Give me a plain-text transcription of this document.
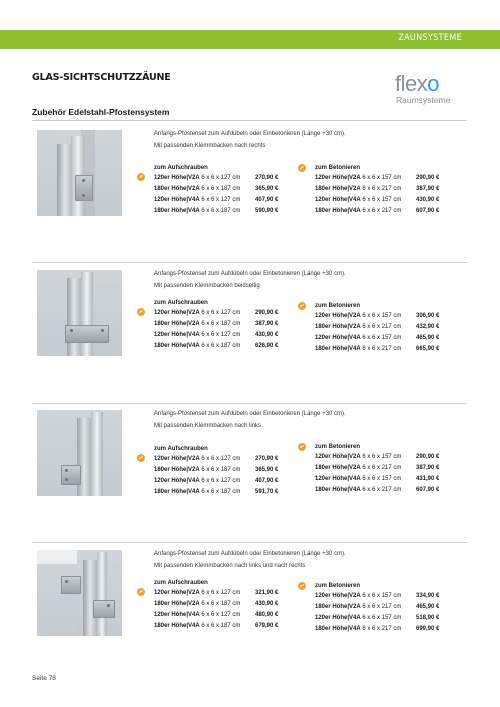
ZAUNSYSTEME
GLAS-SICHTSCHUTZZÄUNE
Zubehör Edelstahl-Pfostensystem
flexo
Raumsysteme
Anfangs-Pfostenset zum Aufdübeln oder Einbetonieren (Länge +30 cm).
Mit passenden Klemmbacken nach rechts
zum Aufschrauben
120er Höhe|V2A 6 x 6 x 127 cm 270,90 €
180er Höhe|V2A 6 x 6 x 187 cm 365,90 €
120er Höhe|V4A 6 x 6 x 127 cm 407,90 €
180er Höhe|V4A 6 x 6 x 187 cm 590,90 €
zum Betonieren
120er Höhe|V2A 6 x 6 x 157 cm 290,90 €
180er Höhe|V2A 6 x 6 x 217 cm 387,90 €
120er Höhe|V4A 6 x 6 x 157 cm 430,90 €
180er Höhe|V4A 6 x 6 x 217 cm 607,90 €
Anfangs-Pfostenset zum Aufdübeln oder Einbetonieren (Länge +30 cm).
Mit passenden Klemmbacken beidseitig
zum Aufschrauben
120er Höhe|V2A 6 x 6 x 127 cm 290,90 €
180er Höhe|V2A 6 x 6 x 187 cm 387,90 €
120er Höhe|V4A 6 x 6 x 127 cm 430,90 €
180er Höhe|V4A 6 x 6 x 187 cm 626,90 €
zum Betonieren
120er Höhe|V2A 6 x 6 x 157 cm 306,90 €
180er Höhe|V2A 6 x 6 x 217 cm 432,90 €
120er Höhe|V4A 6 x 6 x 157 cm 465,90 €
180er Höhe|V4A 6 x 6 x 217 cm 665,90 €
Anfangs-Pfostenset zum Aufdübeln oder Einbetonieren (Länge +30 cm).
Mit passenden Klemmbacken nach links
zum Aufschrauben
120er Höhe|V2A 6 x 6 x 127 cm 270,90 €
180er Höhe|V2A 6 x 6 x 187 cm 365,90 €
120er Höhe|V4A 6 x 6 x 127 cm 407,90 €
180er Höhe|V4A 6 x 6 x 187 cm 591,70 €
zum Betonieren
120er Höhe|V2A 6 x 6 x 157 cm 290,90 €
180er Höhe|V2A 6 x 6 x 217 cm 387,90 €
120er Höhe|V4A 6 x 6 x 157 cm 431,90 €
180er Höhe|V4A 6 x 6 x 217 cm 607,90 €
Anfangs-Pfostenset zum Aufdübeln oder Einbetonieren (Länge +30 cm).
Mit passenden Klemmbacken nach links und nach rechts
zum Aufschrauben
120er Höhe|V2A 6 x 6 x 127 cm 321,90 €
180er Höhe|V2A 6 x 6 x 187 cm 430,90 €
120er Höhe|V4A 6 x 6 x 127 cm 480,90 €
180er Höhe|V4A 6 x 6 x 187 cm 679,90 €
zum Betonieren
120er Höhe|V2A 6 x 6 x 157 cm 334,90 €
180er Höhe|V2A 6 x 6 x 217 cm 465,90 €
120er Höhe|V4A 6 x 6 x 157 cm 518,90 €
180er Höhe|V4A 6 x 6 x 217 cm 699,90 €
Seite 78
